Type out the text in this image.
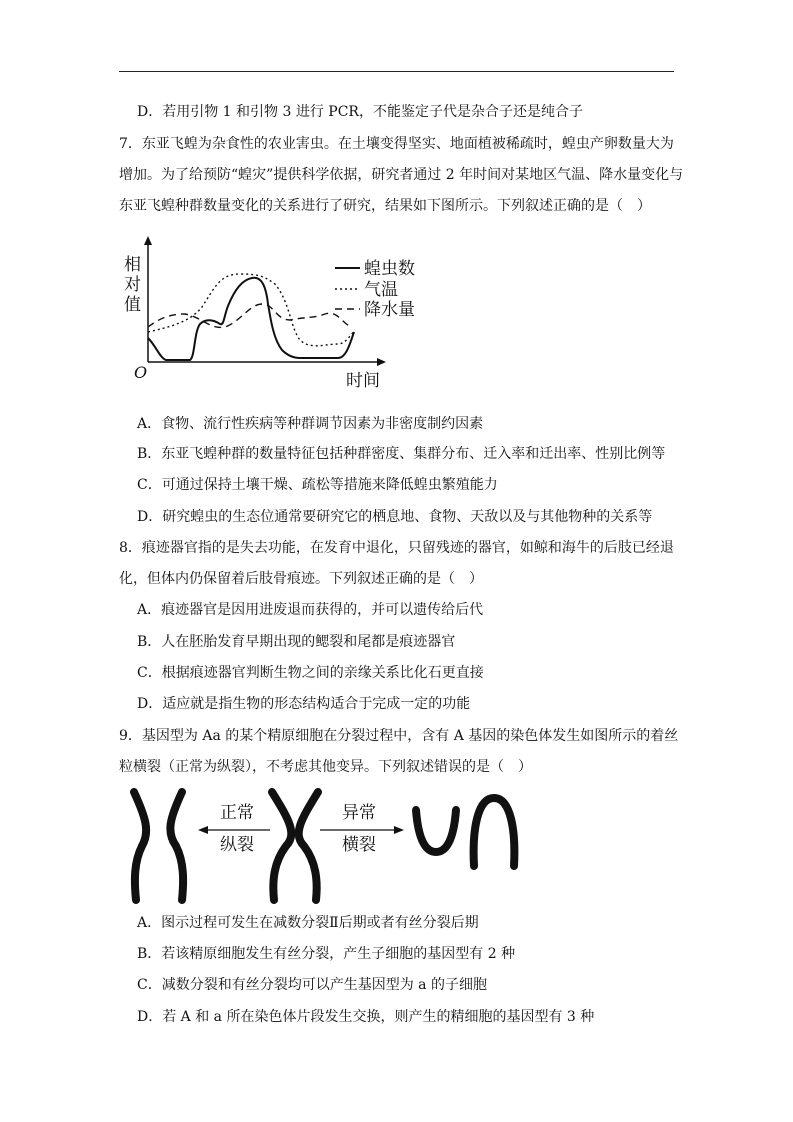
D．若用引物 1 和引物 3 进行 PCR，不能鉴定子代是杂合子还是纯合子
7．东亚飞蝗为杂食性的农业害虫。在土壤变得坚实、地面植被稀疏时，蝗虫产卵数量大为
增加。为了给预防“蝗灾”提供科学依据，研究者通过 2 年时间对某地区气温、降水量变化与
东亚飞蝗种群数量变化的关系进行了研究，结果如下图所示。下列叙述正确的是（　）
相
对
值
O	时间
蝗虫数
气温
降水量
A．食物、流行性疾病等种群调节因素为非密度制约因素
B．东亚飞蝗种群的数量特征包括种群密度、集群分布、迁入率和迁出率、性别比例等
C．可通过保持土壤干燥、疏松等措施来降低蝗虫繁殖能力
D．研究蝗虫的生态位通常要研究它的栖息地、食物、天敌以及与其他物种的关系等
8．痕迹器官指的是失去功能，在发育中退化，只留残迹的器官，如鲸和海牛的后肢已经退
化，但体内仍保留着后肢骨痕迹。下列叙述正确的是（　）
A．痕迹器官是因用进废退而获得的，并可以遗传给后代
B．人在胚胎发育早期出现的鳃裂和尾都是痕迹器官
C．根据痕迹器官判断生物之间的亲缘关系比化石更直接
D．适应就是指生物的形态结构适合于完成一定的功能
9．基因型为 Aa 的某个精原细胞在分裂过程中，含有 A 基因的染色体发生如图所示的着丝
粒横裂（正常为纵裂），不考虑其他变异。下列叙述错误的是（　）
正常
纵裂
异常
横裂
A．图示过程可发生在减数分裂Ⅱ后期或者有丝分裂后期
B．若该精原细胞发生有丝分裂，产生子细胞的基因型有 2 种
C．减数分裂和有丝分裂均可以产生基因型为 a 的子细胞
D．若 A 和 a 所在染色体片段发生交换，则产生的精细胞的基因型有 3 种
